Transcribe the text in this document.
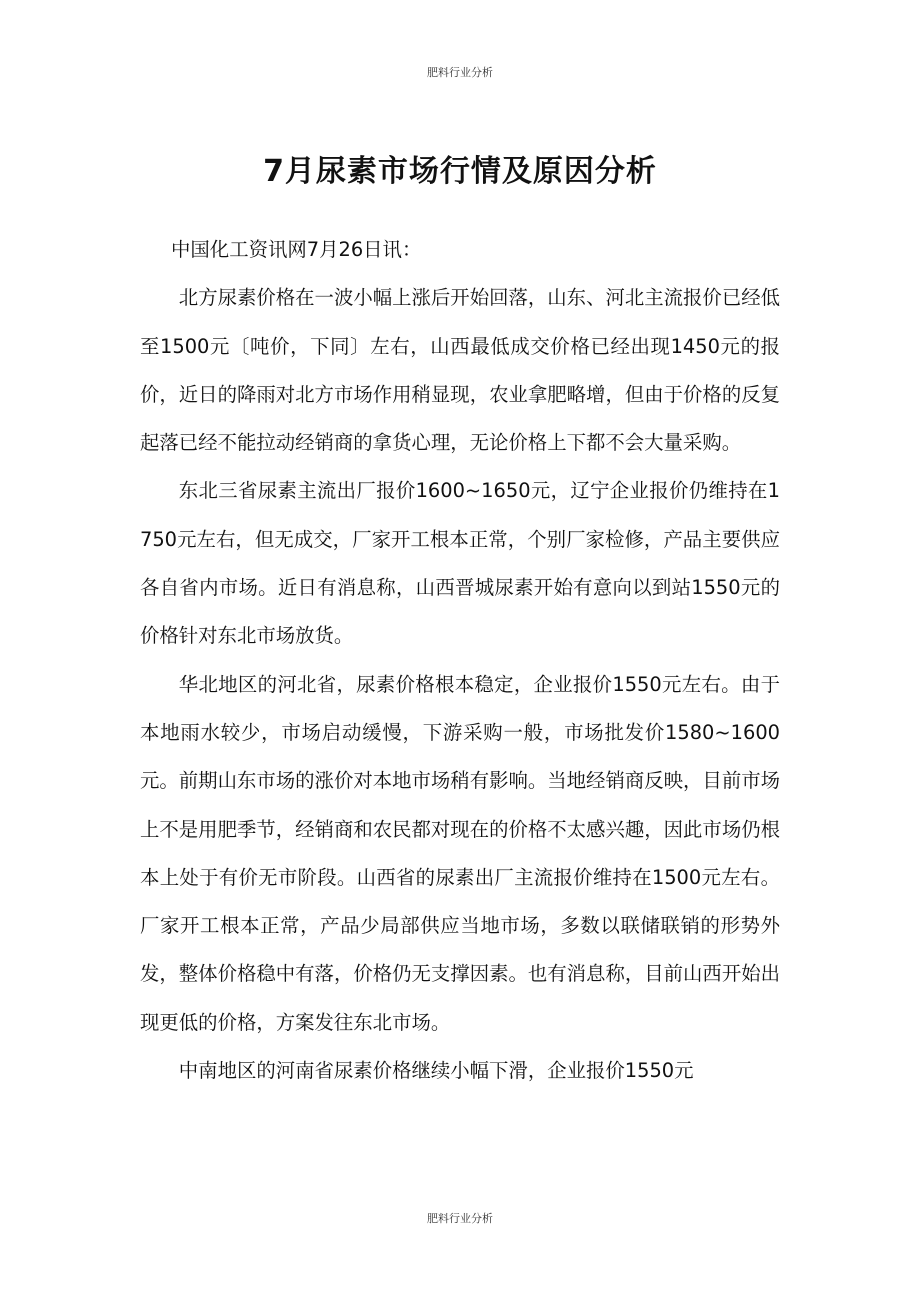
肥料行业分析
7月尿素市场行情及原因分析

中国化工资讯网7月26日讯：

北方尿素价格在一波小幅上涨后开始回落，山东、河北主流报价已经低至1500元〔吨价，下同〕左右，山西最低成交价格已经出现1450元的报价，近日的降雨对北方市场作用稍显现，农业拿肥略增，但由于价格的反复起落已经不能拉动经销商的拿货心理，无论价格上下都不会大量采购。

东北三省尿素主流出厂报价1600~1650元，辽宁企业报价仍维持在1750元左右，但无成交，厂家开工根本正常，个别厂家检修，产品主要供应各自省内市场。近日有消息称，山西晋城尿素开始有意向以到站1550元的价格针对东北市场放货。

华北地区的河北省，尿素价格根本稳定，企业报价1550元左右。由于本地雨水较少，市场启动缓慢，下游采购一般，市场批发价1580~1600元。前期山东市场的涨价对本地市场稍有影响。当地经销商反映，目前市场上不是用肥季节，经销商和农民都对现在的价格不太感兴趣，因此市场仍根本上处于有价无市阶段。山西省的尿素出厂主流报价维持在1500元左右。厂家开工根本正常，产品少局部供应当地市场，多数以联储联销的形势外发，整体价格稳中有落，价格仍无支撑因素。也有消息称，目前山西开始出现更低的价格，方案发往东北市场。

中南地区的河南省尿素价格继续小幅下滑，企业报价1550元

肥料行业分析
